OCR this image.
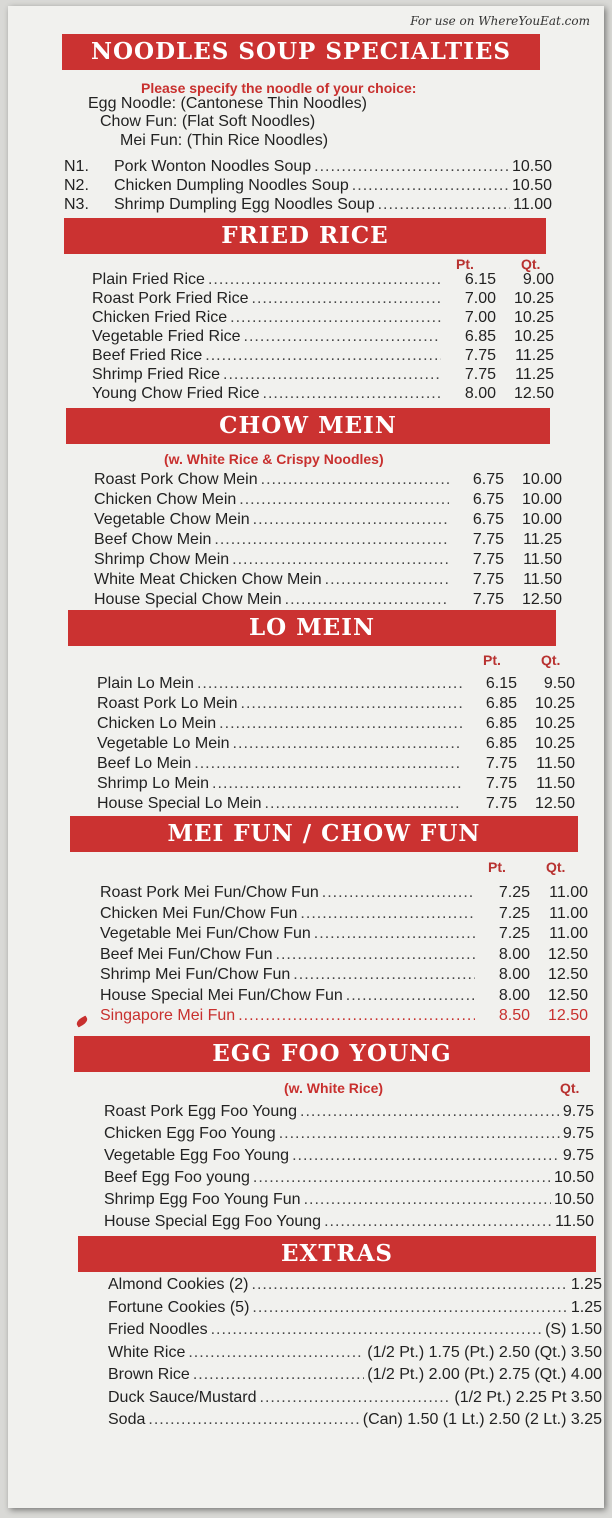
For use on WhereYouEat.com
NOODLES SOUP SPECIALTIES
Please specify the noodle of your choice:
Egg Noodle: (Cantonese Thin Noodles)
Chow Fun: (Flat Soft Noodles)
Mei Fun: (Thin Rice Noodles)
N1.	Pork Wonton Noodles Soup .....	10.50
N2.	Chicken Dumpling Noodles Soup .....	10.50
N3.	Shrimp Dumpling Egg Noodles Soup .....	11.00
FRIED RICE
Pt.	Qt.
Plain Fried Rice .....	6.15	9.00
Roast Pork Fried Rice .....	7.00	10.25
Chicken Fried Rice .....	7.00	10.25
Vegetable Fried Rice .....	6.85	10.25
Beef Fried Rice .....	7.75	11.25
Shrimp Fried Rice .....	7.75	11.25
Young Chow Fried Rice .....	8.00	12.50
CHOW MEIN
(w. White Rice & Crispy Noodles)
Roast Pork Chow Mein .....	6.75	10.00
Chicken Chow Mein .....	6.75	10.00
Vegetable Chow Mein .....	6.75	10.00
Beef Chow Mein .....	7.75	11.25
Shrimp Chow Mein .....	7.75	11.50
White Meat Chicken Chow Mein .....	7.75	11.50
House Special Chow Mein .....	7.75	12.50
LO MEIN
Pt.	Qt.
Plain Lo Mein .....	6.15	9.50
Roast Pork Lo Mein .....	6.85	10.25
Chicken Lo Mein .....	6.85	10.25
Vegetable Lo Mein .....	6.85	10.25
Beef Lo Mein .....	7.75	11.50
Shrimp Lo Mein .....	7.75	11.50
House Special Lo Mein .....	7.75	12.50
MEI FUN / CHOW FUN
Pt.	Qt.
Roast Pork Mei Fun/Chow Fun .....	7.25	11.00
Chicken Mei Fun/Chow Fun .....	7.25	11.00
Vegetable Mei Fun/Chow Fun .....	7.25	11.00
Beef Mei Fun/Chow Fun .....	8.00	12.50
Shrimp Mei Fun/Chow Fun .....	8.00	12.50
House Special Mei Fun/Chow Fun .....	8.00	12.50
Singapore Mei Fun .....	8.50	12.50
EGG FOO YOUNG
(w. White Rice)	Qt.
Roast Pork Egg Foo Young .....	9.75
Chicken Egg Foo Young .....	9.75
Vegetable Egg Foo Young .....	9.75
Beef Egg Foo young .....	10.50
Shrimp Egg Foo Young Fun .....	10.50
House Special Egg Foo Young .....	11.50
EXTRAS
Almond Cookies (2) .....	1.25
Fortune Cookies (5) .....	1.25
Fried Noodles .....	(S) 1.50
White Rice .....	(1/2 Pt.) 1.75 (Pt.) 2.50 (Qt.) 3.50
Brown Rice .....	(1/2 Pt.) 2.00 (Pt.) 2.75 (Qt.) 4.00
Duck Sauce/Mustard .....	(1/2 Pt.) 2.25 Pt 3.50
Soda .....	(Can) 1.50 (1 Lt.) 2.50 (2 Lt.) 3.25
